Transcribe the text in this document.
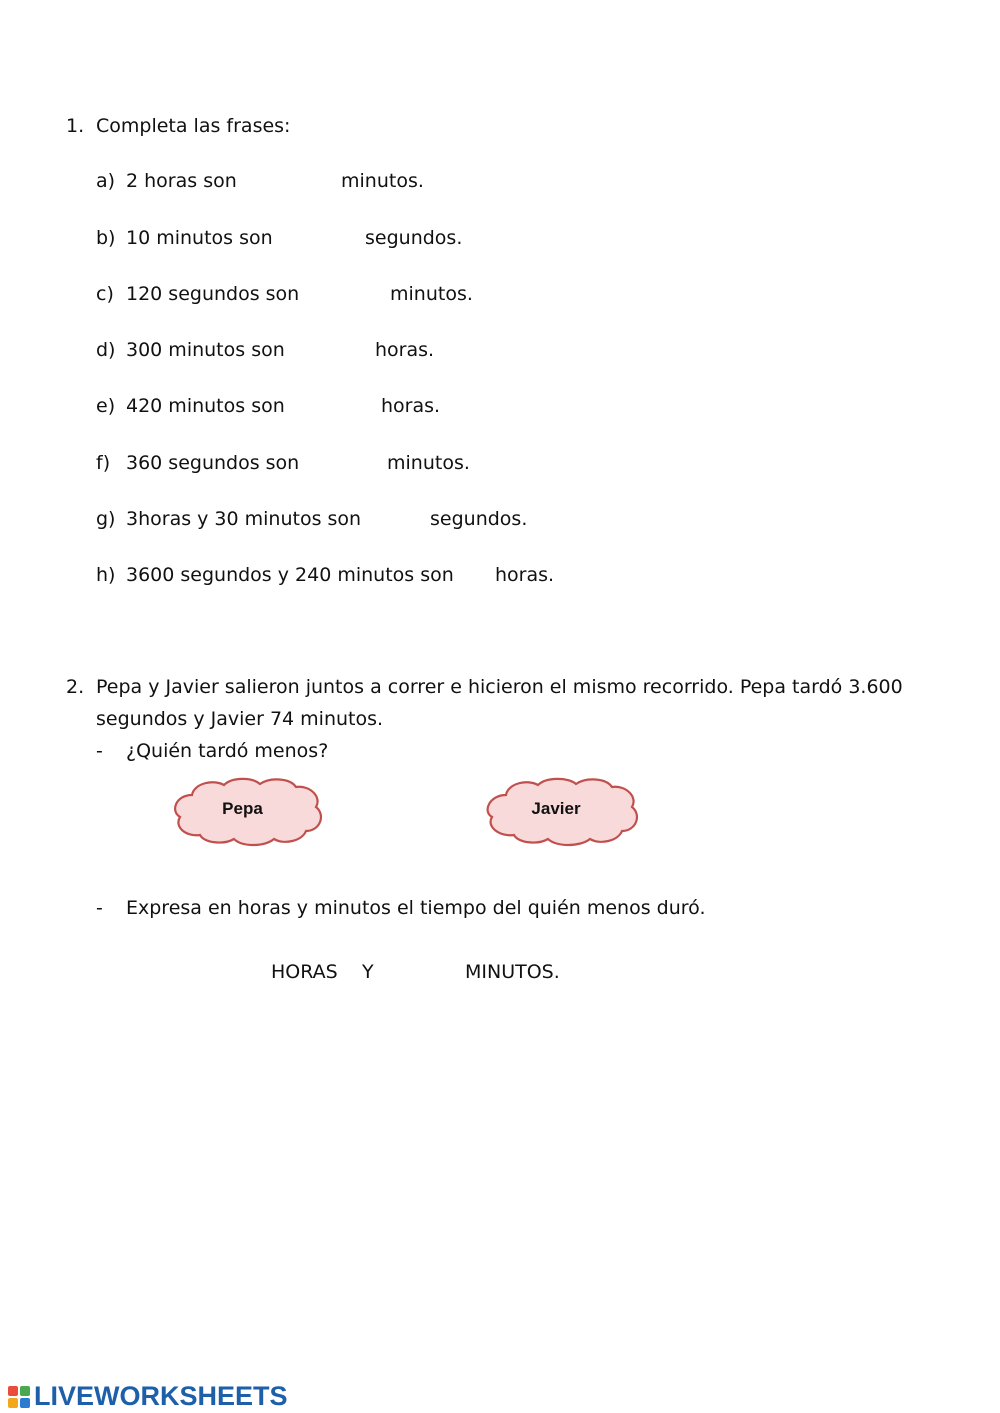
1. Completa las frases:
a) 2 horas son	minutos.
b) 10 minutos son	segundos.
c) 120 segundos son	minutos.
d) 300 minutos son	horas.
e) 420 minutos son	horas.
f) 360 segundos son	minutos.
g) 3horas y 30 minutos son	segundos.
h) 3600 segundos y 240 minutos son horas.
2. Pepa y Javier salieron juntos a correr e hicieron el mismo recorrido. Pepa tardó 3.600
segundos y Javier 74 minutos.
- ¿Quién tardó menos?
Pepa	Javier
- Expresa en horas y minutos el tiempo del quién menos duró.
HORAS Y	MINUTOS.
LIVEWORKSHEETS
